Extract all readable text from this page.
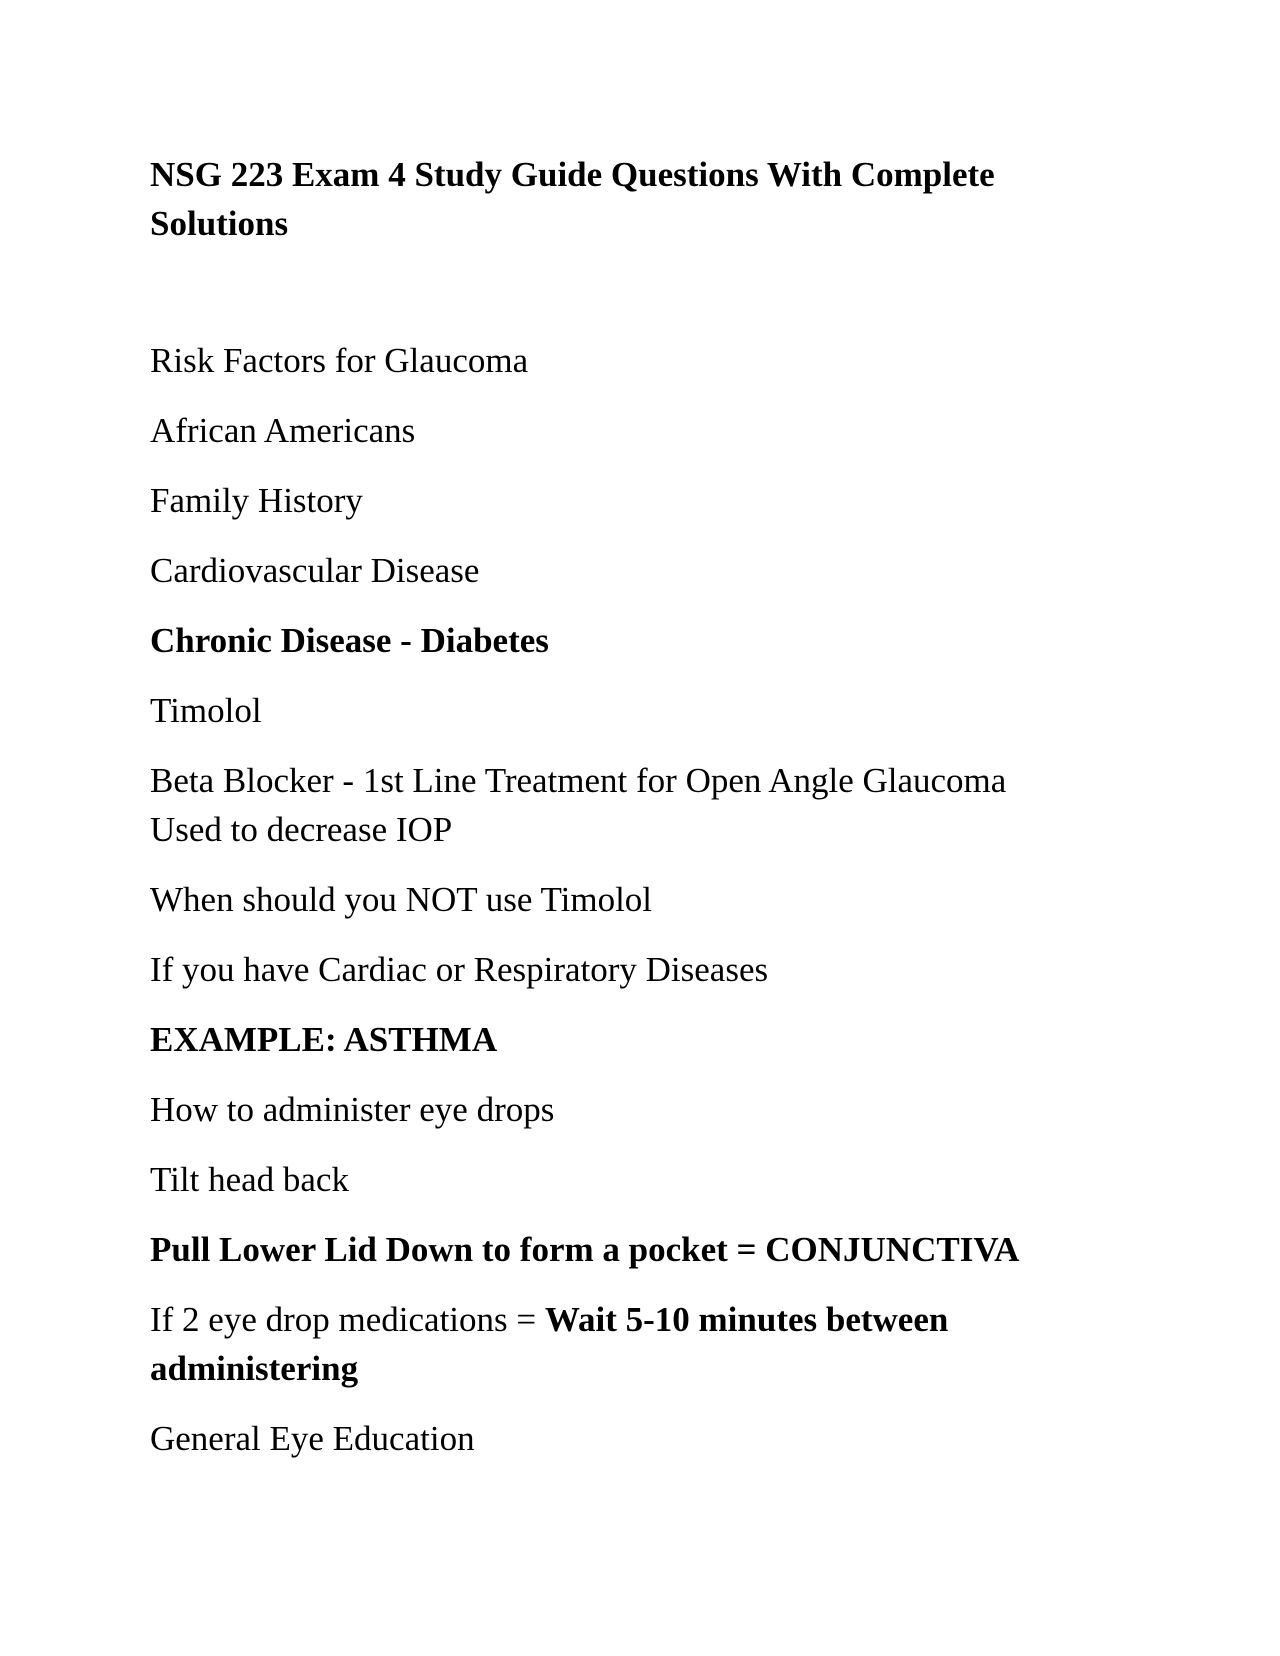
NSG 223 Exam 4 Study Guide Questions With Complete Solutions

Risk Factors for Glaucoma

African Americans

Family History

Cardiovascular Disease

Chronic Disease - Diabetes

Timolol

Beta Blocker - 1st Line Treatment for Open Angle Glaucoma

Used to decrease IOP

When should you NOT use Timolol

If you have Cardiac or Respiratory Diseases

EXAMPLE: ASTHMA

How to administer eye drops

Tilt head back

Pull Lower Lid Down to form a pocket = CONJUNCTIVA

If 2 eye drop medications = Wait 5-10 minutes between administering

General Eye Education
